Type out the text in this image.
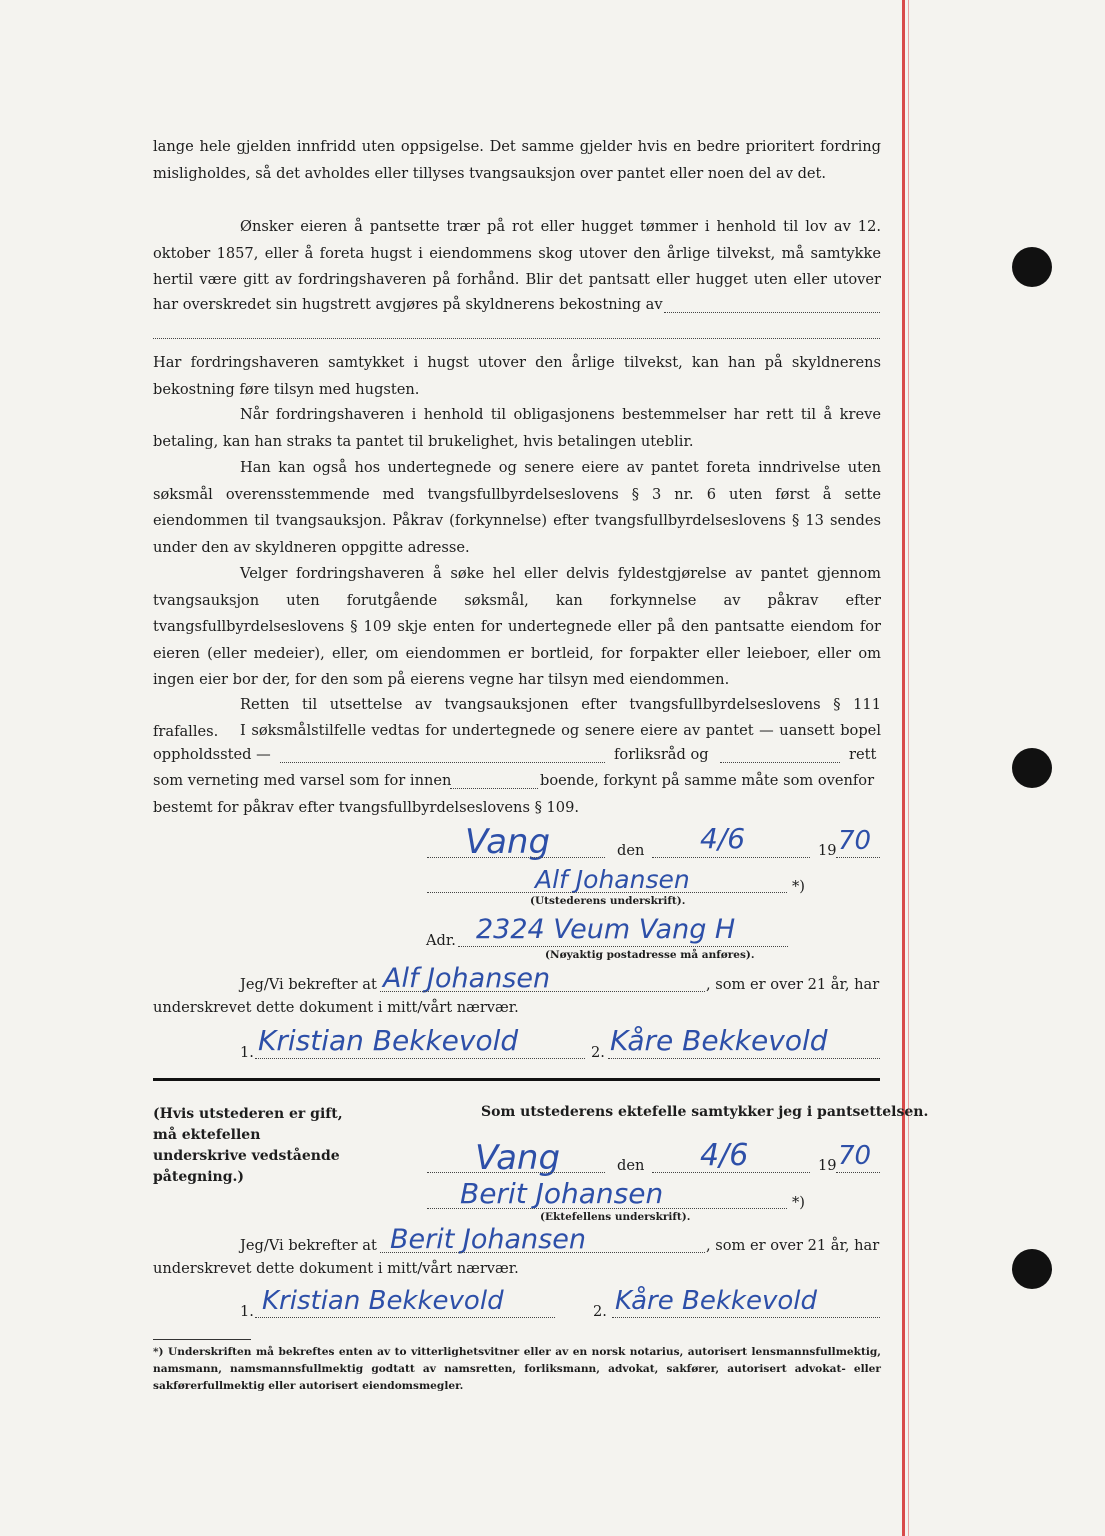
lange hele gjelden innfridd uten oppsigelse. Det samme gjelder hvis en bedre prioritert fordring misligholdes, så det avholdes eller tillyses tvangsauksjon over pantet eller noen del av det.
Ønsker eieren å pantsette trær på rot eller hugget tømmer i henhold til lov av 12. oktober 1857, eller å foreta hugst i eiendommens skog utover den årlige tilvekst, må samtykke hertil være gitt av fordringshaveren på forhånd. Blir det pantsatt eller hugget uten eller utover
har overskredet sin hugstrett avgjøres på skyldnerens bekostning av
Har fordringshaveren samtykket i hugst utover den årlige tilvekst, kan han på skyldnerens bekostning føre tilsyn med hugsten.
Når fordringshaveren i henhold til obligasjonens bestemmelser har rett til å kreve betaling, kan han straks ta pantet til brukelighet, hvis betalingen uteblir.
Han kan også hos undertegnede og senere eiere av pantet foreta inndrivelse uten søksmål overensstemmende med tvangsfullbyrdelseslovens § 3 nr. 6 uten først å sette eiendommen til tvangsauksjon. Påkrav (forkynnelse) efter tvangsfullbyrdelseslovens § 13 sendes under den av skyldneren oppgitte adresse.
Velger fordringshaveren å søke hel eller delvis fyldestgjørelse av pantet gjennom tvangsauksjon uten forutgående søksmål, kan forkynnelse av påkrav efter tvangsfullbyrdelseslovens § 109 skje enten for undertegnede eller på den pantsatte eiendom for eieren (eller medeier), eller, om eiendommen er bortleid, for forpakter eller leieboer, eller om ingen eier bor der, for den som på eierens vegne har tilsyn med eiendommen.
Retten til utsettelse av tvangsauksjonen efter tvangsfullbyrdelseslovens § 111 frafalles.	I søksmålstilfelle vedtas for undertegnede og senere eiere av pantet — uansett bopel
oppholdssted —	forliksråd og	rett
som verneting med varsel som for innen	boende, forkynt på samme måte som ovenfor
bestemt for påkrav efter tvangsfullbyrdelseslovens § 109.
Vang	den 4/6	19 70
Alf Johansen	*)
(Utstederens underskrift).
Adr. 2324 Veum Vang H
(Nøyaktig postadresse må anføres).
Jeg/Vi bekrefter at Alf Johansen	, som er over 21 år, har
underskrevet dette dokument i mitt/vårt nærvær.
1. Kristian Bekkevold	2. Kåre Bekkevold
(Hvis utstederen er gift, må ektefellen underskrive vedstående påtegning.)
Som utstederens ektefelle samtykker jeg i pantsettelsen.
Vang	den 4/6	19 70
Berit Johansen	*)
(Ektefellens underskrift).
Jeg/Vi bekrefter at Berit Johansen	, som er over 21 år, har
underskrevet dette dokument i mitt/vårt nærvær.
1. Kristian Bekkevold	2. Kåre Bekkevold
*) Underskriften må bekreftes enten av to vitterlighetsvitner eller av en norsk notarius, autorisert lensmannsfullmektig, namsmann, namsmannsfullmektig godtatt av namsretten, forliksmann, advokat, sakfører, autorisert advokat- eller sakførerfullmektig eller autorisert eiendomsmegler.
